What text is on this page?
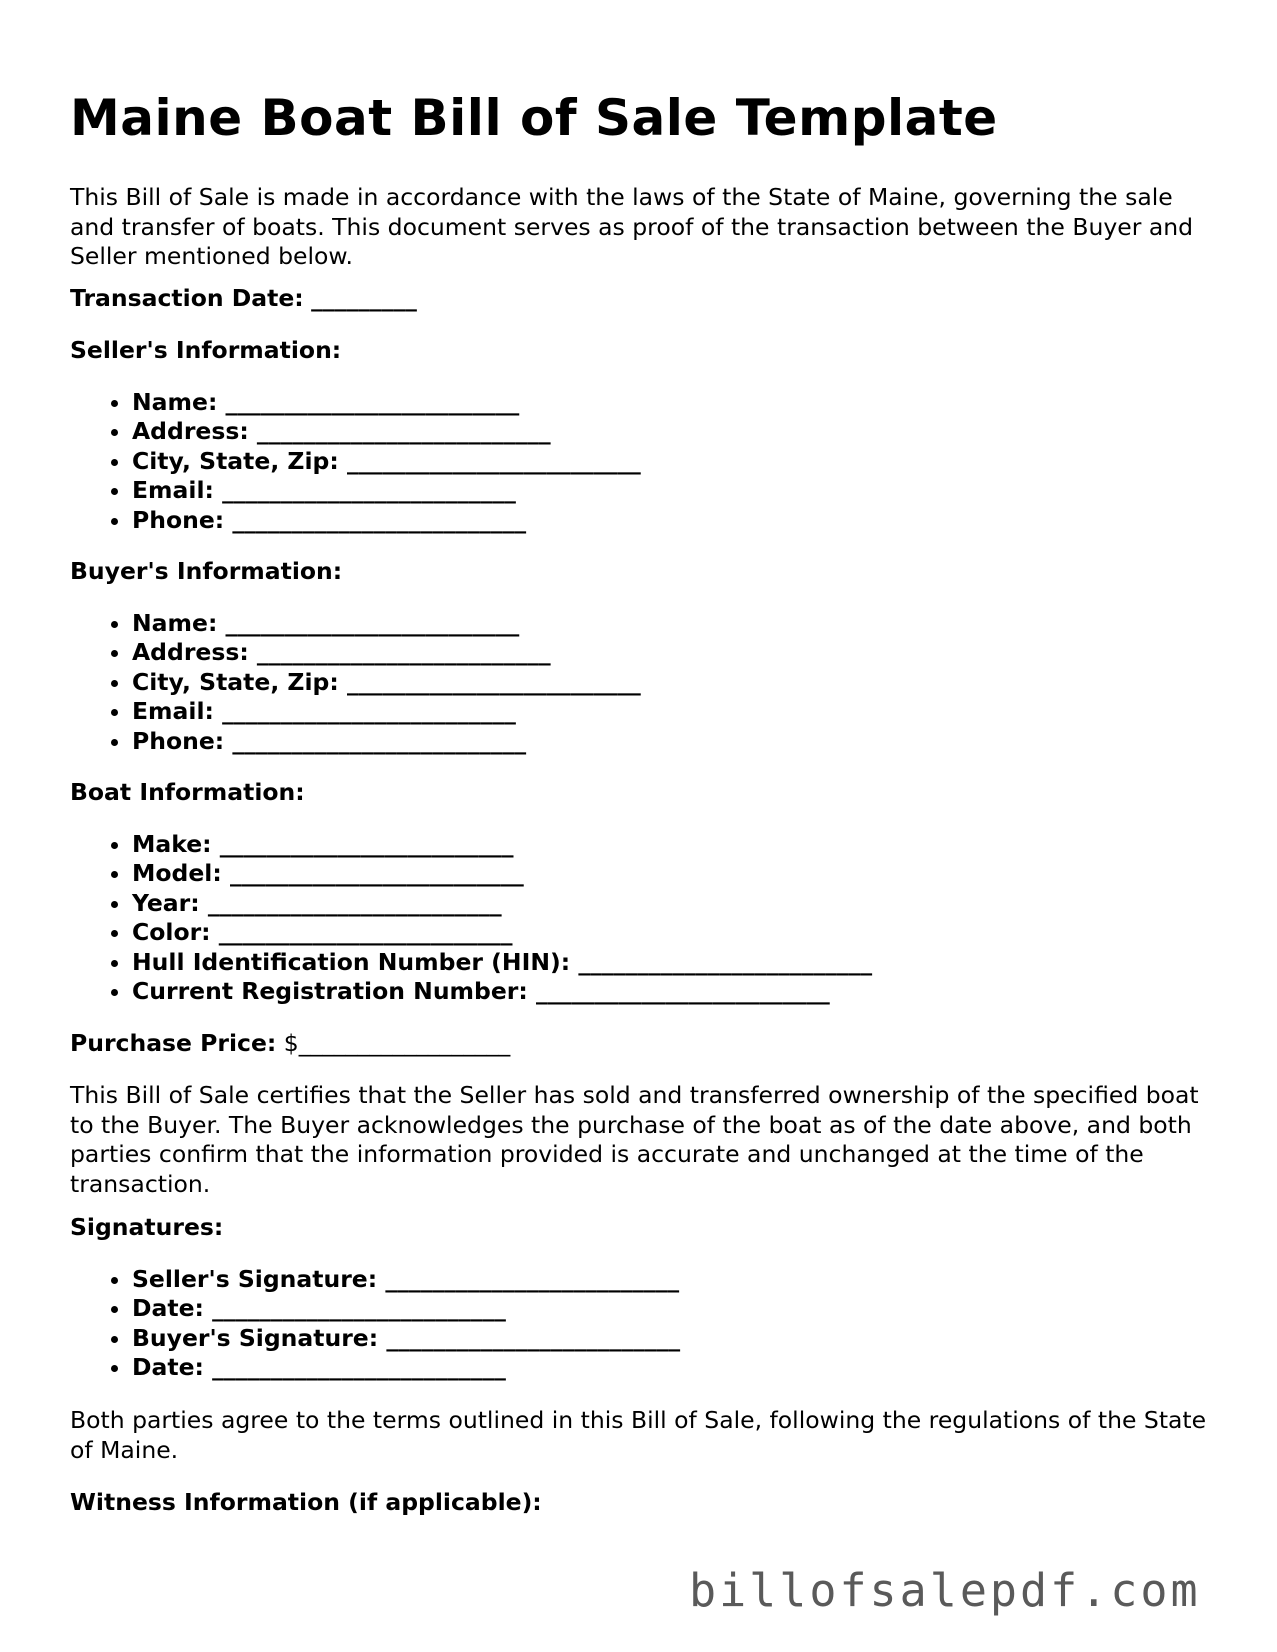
Maine Boat Bill of Sale Template

This Bill of Sale is made in accordance with the laws of the State of Maine, governing the sale and transfer of boats. This document serves as proof of the transaction between the Buyer and Seller mentioned below.

Transaction Date: _________
Seller's Information:
• Name: _________________________
• Address: _________________________
• City, State, Zip: _________________________
• Email: _________________________
• Phone: _________________________
Buyer's Information:
• Name: _________________________
• Address: _________________________
• City, State, Zip: _________________________
• Email: _________________________
• Phone: _________________________
Boat Information:
• Make: _________________________
• Model: _________________________
• Year: _________________________
• Color: _________________________
• Hull Identification Number (HIN): _________________________
• Current Registration Number: _________________________
Purchase Price: $__________________
This Bill of Sale certifies that the Seller has sold and transferred ownership of the specified boat to the Buyer. The Buyer acknowledges the purchase of the boat as of the date above, and both parties confirm that the information provided is accurate and unchanged at the time of the transaction.
Signatures:
• Seller's Signature: _________________________
• Date: _________________________
• Buyer's Signature: _________________________
• Date: _________________________
Both parties agree to the terms outlined in this Bill of Sale, following the regulations of the State of Maine.
Witness Information (if applicable):
billofsalepdf.com
